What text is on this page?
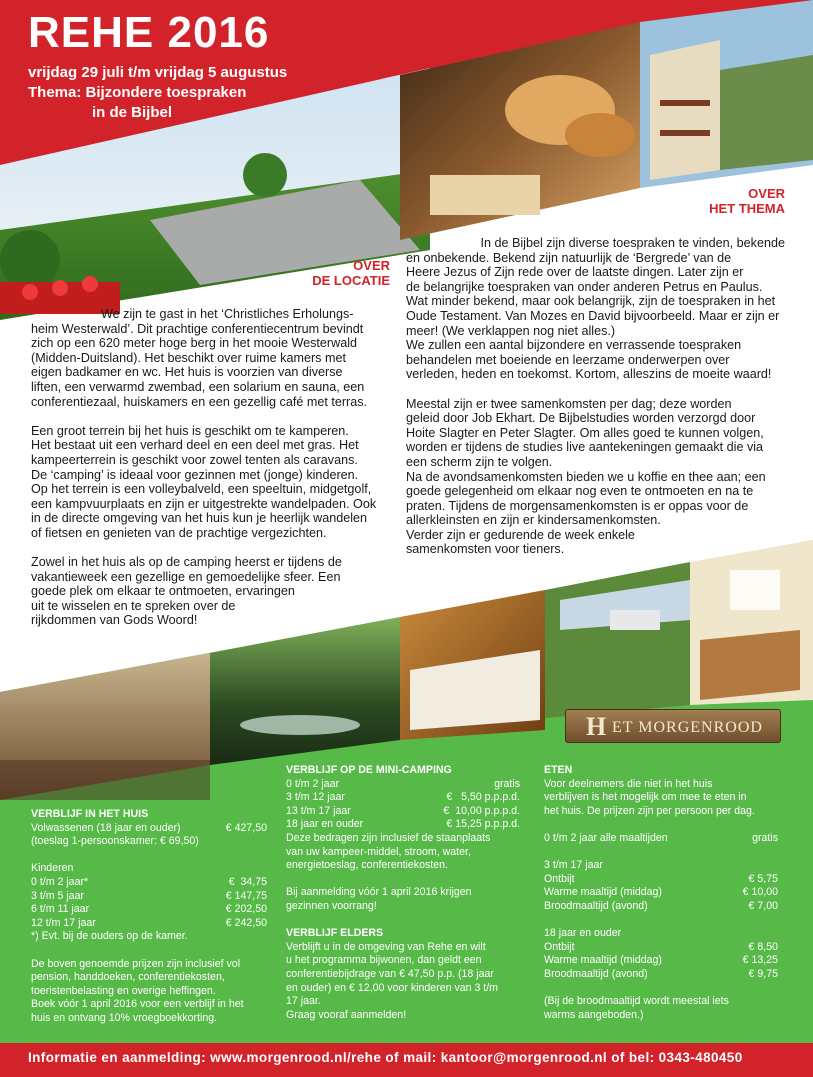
REHE 2016
vrijdag 29 juli t/m vrijdag 5 augustus
Thema: Bijzondere toespraken
in de Bijbel
OVER
HET THEMA

In de Bijbel zijn diverse toespraken te vinden, bekende
en onbekende. Bekend zijn natuurlijk de ‘Bergrede’ van de
Heere Jezus of Zijn rede over de laatste dingen. Later zijn er
de belangrijke toespraken van onder anderen Petrus en Paulus.
Wat minder bekend, maar ook belangrijk, zijn de toespraken in het
Oude Testament. Van Mozes en David bijvoorbeeld. Maar er zijn er
meer! (We verklappen nog niet alles.)
We zullen een aantal bijzondere en verrassende toespraken
behandelen met boeiende en leerzame onderwerpen over
verleden, heden en toekomst. Kortom, alleszins de moeite waard!

Meestal zijn er twee samenkomsten per dag; deze worden
geleid door Job Ekhart. De Bijbelstudies worden verzorgd door
Hoite Slagter en Peter Slagter. Om alles goed te kunnen volgen,
worden er tijdens de studies live aantekeningen gemaakt die via
een scherm zijn te volgen.
Na de avondsamenkomsten bieden we u koffie en thee aan; een
goede gelegenheid om elkaar nog even te ontmoeten en na te
praten. Tijdens de morgensamenkomsten is er oppas voor de
allerkleinsten en zijn er kindersamenkomsten.
Verder zijn er gedurende de week enkele
samenkomsten voor tieners.

OVER
DE LOCATIE

We zijn te gast in het ‘Christliches Erholungs-
heim Westerwald’. Dit prachtige conferentiecentrum bevindt
zich op een 620 meter hoge berg in het mooie Westerwald
(Midden-Duitsland). Het beschikt over ruime kamers met
eigen badkamer en wc. Het huis is voorzien van diverse
liften, een verwarmd zwembad, een solarium en sauna, een
conferentiezaal, huiskamers en een gezellig café met terras.

Een groot terrein bij het huis is geschikt om te kamperen.
Het bestaat uit een verhard deel en een deel met gras. Het
kampeerterrein is geschikt voor zowel tenten als caravans.
De ‘camping’ is ideaal voor gezinnen met (jonge) kinderen.
Op het terrein is een volleybalveld, een speeltuin, midgetgolf,
een kampvuurplaats en zijn er uitgestrekte wandelpaden. Ook
in de directe omgeving van het huis kun je heerlijk wandelen
of fietsen en genieten van de prachtige vergezichten.

Zowel in het huis als op de camping heerst er tijdens de
vakantieweek een gezellige en gemoedelijke sfeer. Een
goede plek om elkaar te ontmoeten, ervaringen
uit te wisselen en te spreken over de
rijkdommen van Gods Woord!

H ET MORGENROOD
VERBLIJF IN HET HUIS
Volwassenen (18 jaar en ouder)	€ 427,50
(toeslag 1-persoonskamer: € 69,50)
Kinderen
0 t/m 2 jaar*	€  34,75
3 t/m 5 jaar	€ 147,75
6 t/m 11 jaar	€ 202,50
12 t/m 17 jaar	€ 242,50
*) Evt. bij de ouders op de kamer.
De boven genoemde prijzen zijn inclusief vol
pension, handdoeken, conferentiekosten,
toeristenbelasting en overige heffingen.
Boek vóór 1 april 2016 voor een verblijf in het
huis en ontvang 10% vroegboekkorting.
VERBLIJF OP DE MINI-CAMPING
0 t/m 2 jaar	gratis
3 t/m 12 jaar	€   5,50 p.p.p.d.
13 t/m 17 jaar	€  10,00 p.p.p.d.
18 jaar en ouder	€ 15,25 p.p.p.d.
Deze bedragen zijn inclusief de staanplaats
van uw kampeer-middel, stroom, water,
energietoeslag, conferentiekosten.
Bij aanmelding vóór 1 april 2016 krijgen
gezinnen voorrang!
VERBLIJF ELDERS
Verblijft u in de omgeving van Rehe en wilt
u het programma bijwonen, dan geldt een
conferentiebijdrage van € 47,50 p.p. (18 jaar
en ouder) en € 12,00 voor kinderen van 3 t/m
17 jaar.
Graag vooraf aanmelden!
ETEN
Voor deelnemers die niet in het huis
verblijven is het mogelijk om mee te eten in
het huis. De prijzen zijn per persoon per dag.
0 t/m 2 jaar alle maaltijden	gratis
3 t/m 17 jaar
Ontbijt	€ 5,75
Warme maaltijd (middag)	€ 10,00
Broodmaaltijd (avond)	€ 7,00
18 jaar en ouder
Ontbijt	€ 8,50
Warme maaltijd (middag)	€ 13,25
Broodmaaltijd (avond)	€ 9,75
(Bij de broodmaaltijd wordt meestal iets
warms aangeboden.)
Informatie en aanmelding: www.morgenrood.nl/rehe of mail: kantoor@morgenrood.nl of bel: 0343-480450
